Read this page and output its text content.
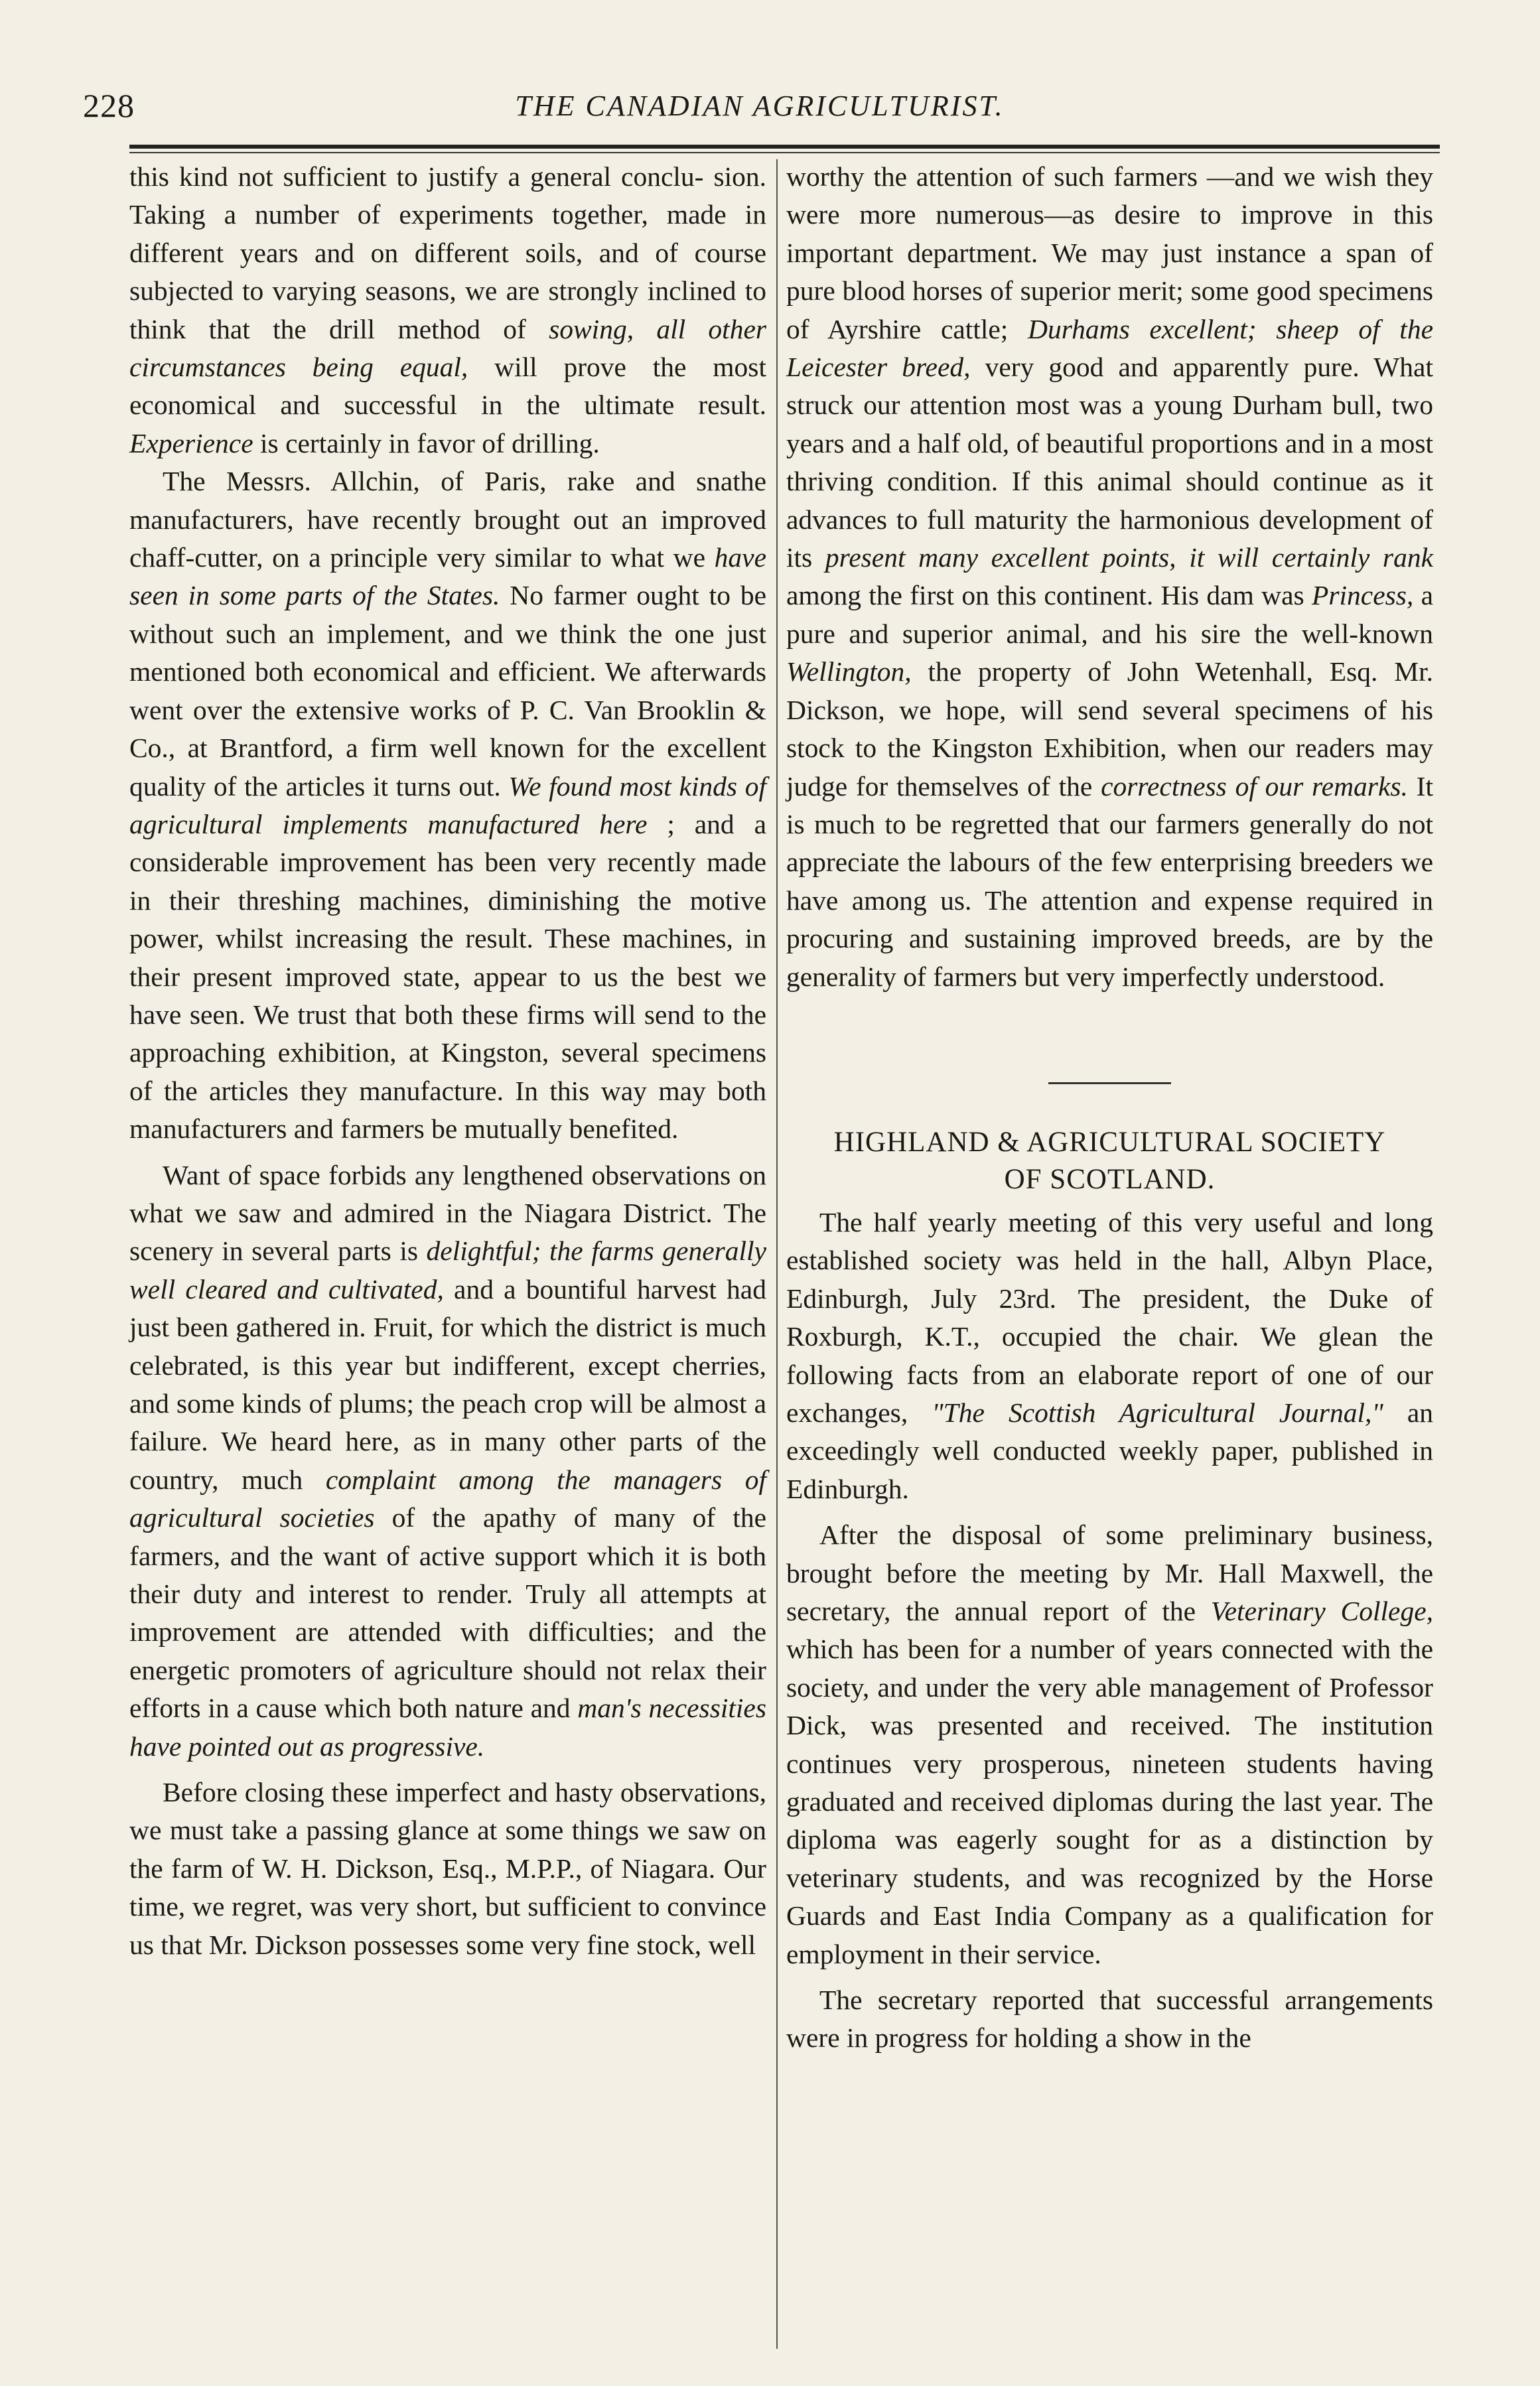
228	THE CANADIAN AGRICULTURIST.

this kind not sufficient to justify a general conclu- sion. Taking a number of experiments together, made in different years and on different soils, and of course subjected to varying seasons, we are strongly inclined to think that the drill method of sowing, all other circumstances being equal, will prove the most economical and successful in the ultimate result. Experience is certainly in favor of drilling.

The Messrs. Allchin, of Paris, rake and snathe manufacturers, have recently brought out an improved chaff-cutter, on a principle very similar to what we have seen in some parts of the States. No farmer ought to be without such an implement, and we think the one just mentioned both economical and efficient. We afterwards went over the extensive works of P. C. Van Brooklin & Co., at Brantford, a firm well known for the excellent quality of the articles it turns out. We found most kinds of agricultural implements manufactured here ; and a considerable improvement has been very recently made in their threshing machines, diminishing the motive power, whilst increasing the result. These machines, in their present improved state, appear to us the best we have seen. We trust that both these firms will send to the approaching exhibition, at Kingston, several specimens of the articles they manufacture. In this way may both manufacturers and farmers be mutually benefited.

Want of space forbids any lengthened observations on what we saw and admired in the Niagara District. The scenery in several parts is delightful; the farms generally well cleared and cultivated, and a bountiful harvest had just been gathered in. Fruit, for which the district is much celebrated, is this year but indifferent, except cherries, and some kinds of plums; the peach crop will be almost a failure. We heard here, as in many other parts of the country, much complaint among the managers of agricultural societies of the apathy of many of the farmers, and the want of active support which it is both their duty and interest to render. Truly all attempts at improvement are attended with difficulties; and the energetic promoters of agriculture should not relax their efforts in a cause which both nature and man's necessities have pointed out as progressive.

Before closing these imperfect and hasty observations, we must take a passing glance at some things we saw on the farm of W. H. Dickson, Esq., M.P.P., of Niagara. Our time, we regret, was very short, but sufficient to convince us that Mr. Dickson possesses some very fine stock, well

worthy the attention of such farmers —and we wish they were more numerous—as desire to improve in this important department. We may just instance a span of pure blood horses of superior merit; some good specimens of Ayrshire cattle; Durhams excellent; sheep of the Leicester breed, very good and apparently pure. What struck our attention most was a young Durham bull, two years and a half old, of beautiful proportions and in a most thriving condition. If this animal should continue as it advances to full maturity the harmonious development of its present many excellent points, it will certainly rank among the first on this continent. His dam was Princess, a pure and superior animal, and his sire the well-known Wellington, the property of John Wetenhall, Esq. Mr. Dickson, we hope, will send several specimens of his stock to the Kingston Exhibition, when our readers may judge for themselves of the correctness of our remarks. It is much to be regretted that our farmers generally do not appreciate the labours of the few enterprising breeders we have among us. The attention and expense required in procuring and sustaining improved breeds, are by the generality of farmers but very imperfectly understood.

HIGHLAND & AGRICULTURAL SOCIETY
OF SCOTLAND.

The half yearly meeting of this very useful and long established society was held in the hall, Albyn Place, Edinburgh, July 23rd. The president, the Duke of Roxburgh, K.T., occupied the chair. We glean the following facts from an elaborate report of one of our exchanges, "The Scottish Agricultural Journal," an exceedingly well conducted weekly paper, published in Edinburgh.

After the disposal of some preliminary business, brought before the meeting by Mr. Hall Maxwell, the secretary, the annual report of the Veterinary College, which has been for a number of years connected with the society, and under the very able management of Professor Dick, was presented and received. The institution continues very prosperous, nineteen students having graduated and received diplomas during the last year. The diploma was eagerly sought for as a distinction by veterinary students, and was recognized by the Horse Guards and East India Company as a qualification for employment in their service.

The secretary reported that successful arrangements were in progress for holding a show in the
